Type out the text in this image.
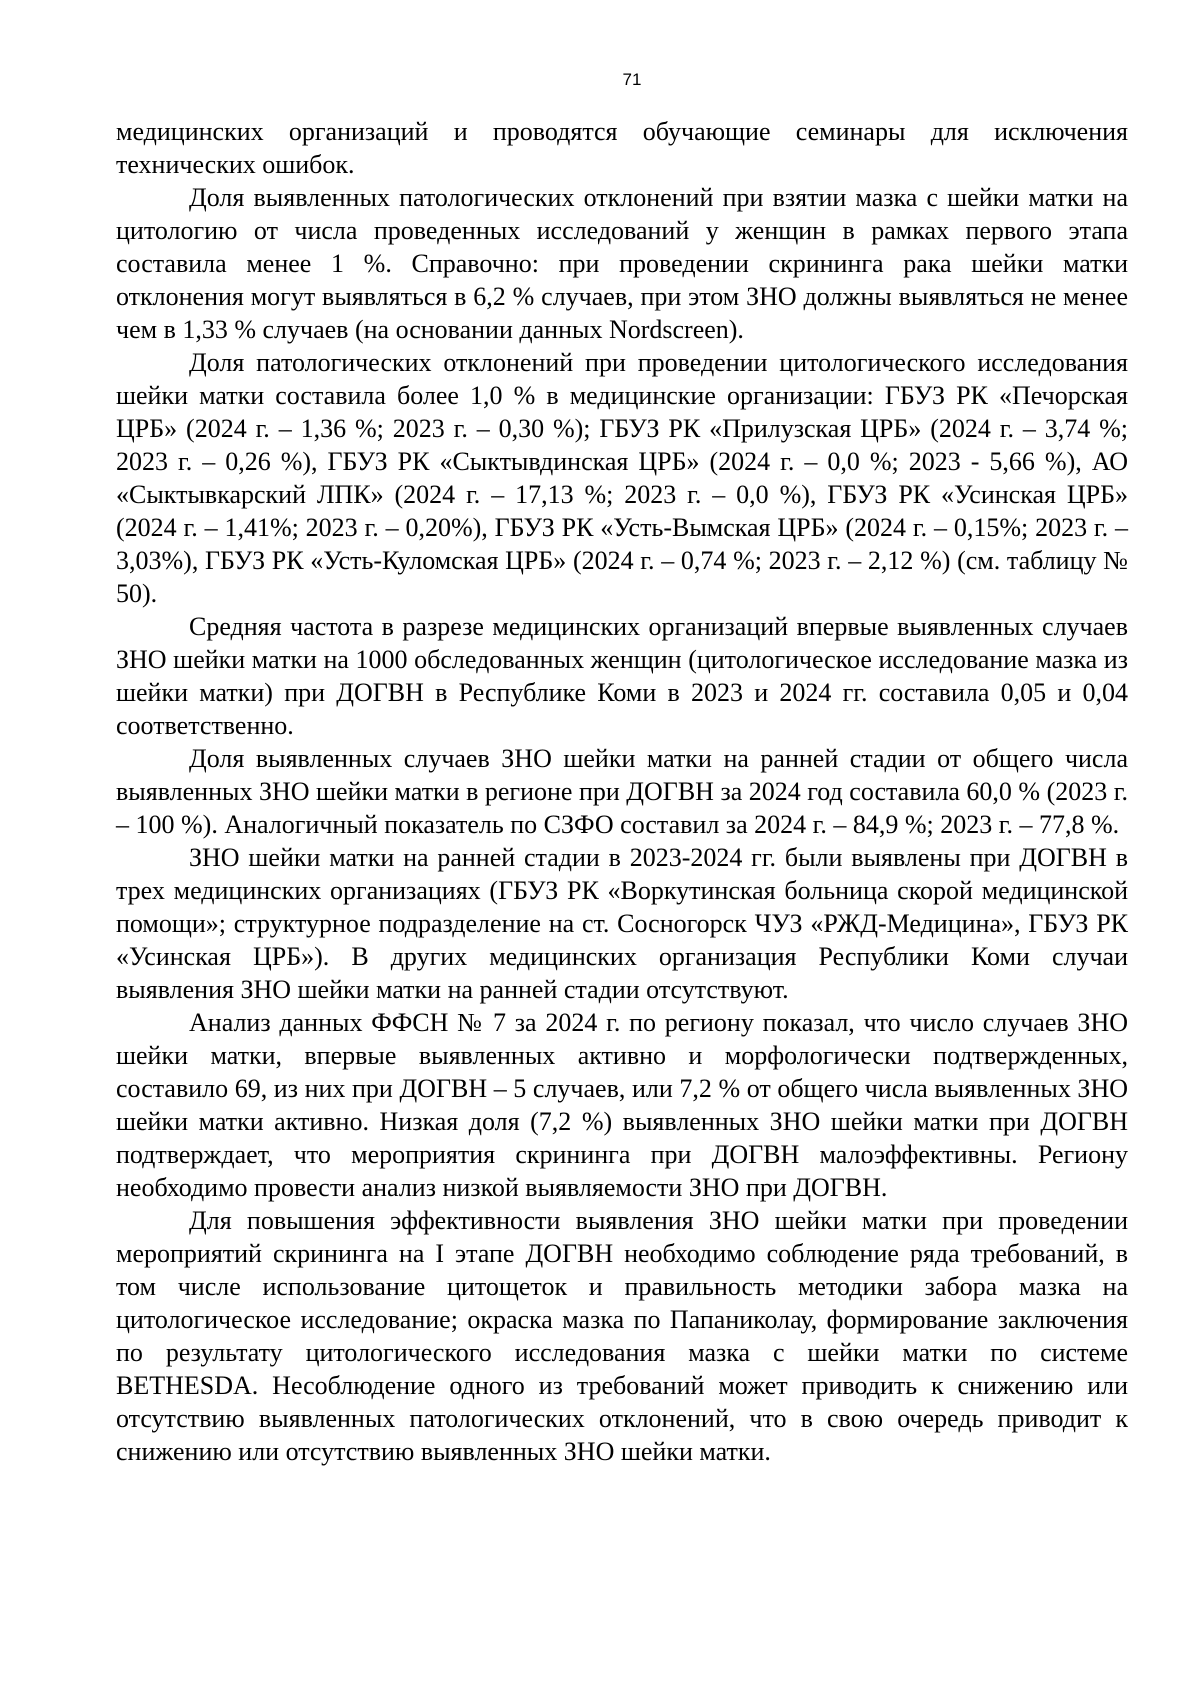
71

медицинских организаций и проводятся обучающие семинары для исключения технических ошибок.

Доля выявленных патологических отклонений при взятии мазка с шейки матки на цитологию от числа проведенных исследований у женщин в рамках первого этапа составила менее 1 %. Справочно: при проведении скрининга рака шейки матки отклонения могут выявляться в 6,2 % случаев, при этом ЗНО должны выявляться не менее чем в 1,33 % случаев (на основании данных Nordscreen).

Доля патологических отклонений при проведении цитологического исследования шейки матки составила более 1,0 % в медицинские организации: ГБУЗ РК «Печорская ЦРБ» (2024 г. – 1,36 %; 2023 г. – 0,30 %); ГБУЗ РК «Прилузская ЦРБ» (2024 г. – 3,74 %; 2023 г. – 0,26 %), ГБУЗ РК «Сыктывдинская ЦРБ» (2024 г. – 0,0 %; 2023 - 5,66 %), АО «Сыктывкарский ЛПК» (2024 г. – 17,13 %; 2023 г. – 0,0 %), ГБУЗ РК «Усинская ЦРБ» (2024 г. – 1,41%; 2023 г. – 0,20%), ГБУЗ РК «Усть-Вымская ЦРБ» (2024 г. – 0,15%; 2023 г. – 3,03%), ГБУЗ РК «Усть-Куломская ЦРБ» (2024 г. – 0,74 %; 2023 г. – 2,12 %) (см. таблицу № 50).

Средняя частота в разрезе медицинских организаций впервые выявленных случаев ЗНО шейки матки на 1000 обследованных женщин (цитологическое исследование мазка из шейки матки) при ДОГВН в Республике Коми в 2023 и 2024 гг. составила 0,05 и 0,04 соответственно.

Доля выявленных случаев ЗНО шейки матки на ранней стадии от общего числа выявленных ЗНО шейки матки в регионе при ДОГВН за 2024 год составила 60,0 % (2023 г. – 100 %). Аналогичный показатель по СЗФО составил за 2024 г. – 84,9 %; 2023 г. – 77,8 %.

ЗНО шейки матки на ранней стадии в 2023-2024 гг. были выявлены при ДОГВН в трех медицинских организациях (ГБУЗ РК «Воркутинская больница скорой медицинской помощи»; структурное подразделение на ст. Сосногорск ЧУЗ «РЖД-Медицина», ГБУЗ РК «Усинская ЦРБ»). В других медицинских организация Республики Коми случаи выявления ЗНО шейки матки на ранней стадии отсутствуют.

Анализ данных ФФСН № 7 за 2024 г. по региону показал, что число случаев ЗНО шейки матки, впервые выявленных активно и морфологически подтвержденных, составило 69, из них при ДОГВН – 5 случаев, или 7,2 % от общего числа выявленных ЗНО шейки матки активно. Низкая доля (7,2 %) выявленных ЗНО шейки матки при ДОГВН подтверждает, что мероприятия скрининга при ДОГВН малоэффективны. Региону необходимо провести анализ низкой выявляемости ЗНО при ДОГВН.

Для повышения эффективности выявления ЗНО шейки матки при проведении мероприятий скрининга на I этапе ДОГВН необходимо соблюдение ряда требований, в том числе использование цитощеток и правильность методики забора мазка на цитологическое исследование; окраска мазка по Папаниколау, формирование заключения по результату цитологического исследования мазка с шейки матки по системе BETHESDA. Несоблюдение одного из требований может приводить к снижению или отсутствию выявленных патологических отклонений, что в свою очередь приводит к снижению или отсутствию выявленных ЗНО шейки матки.
